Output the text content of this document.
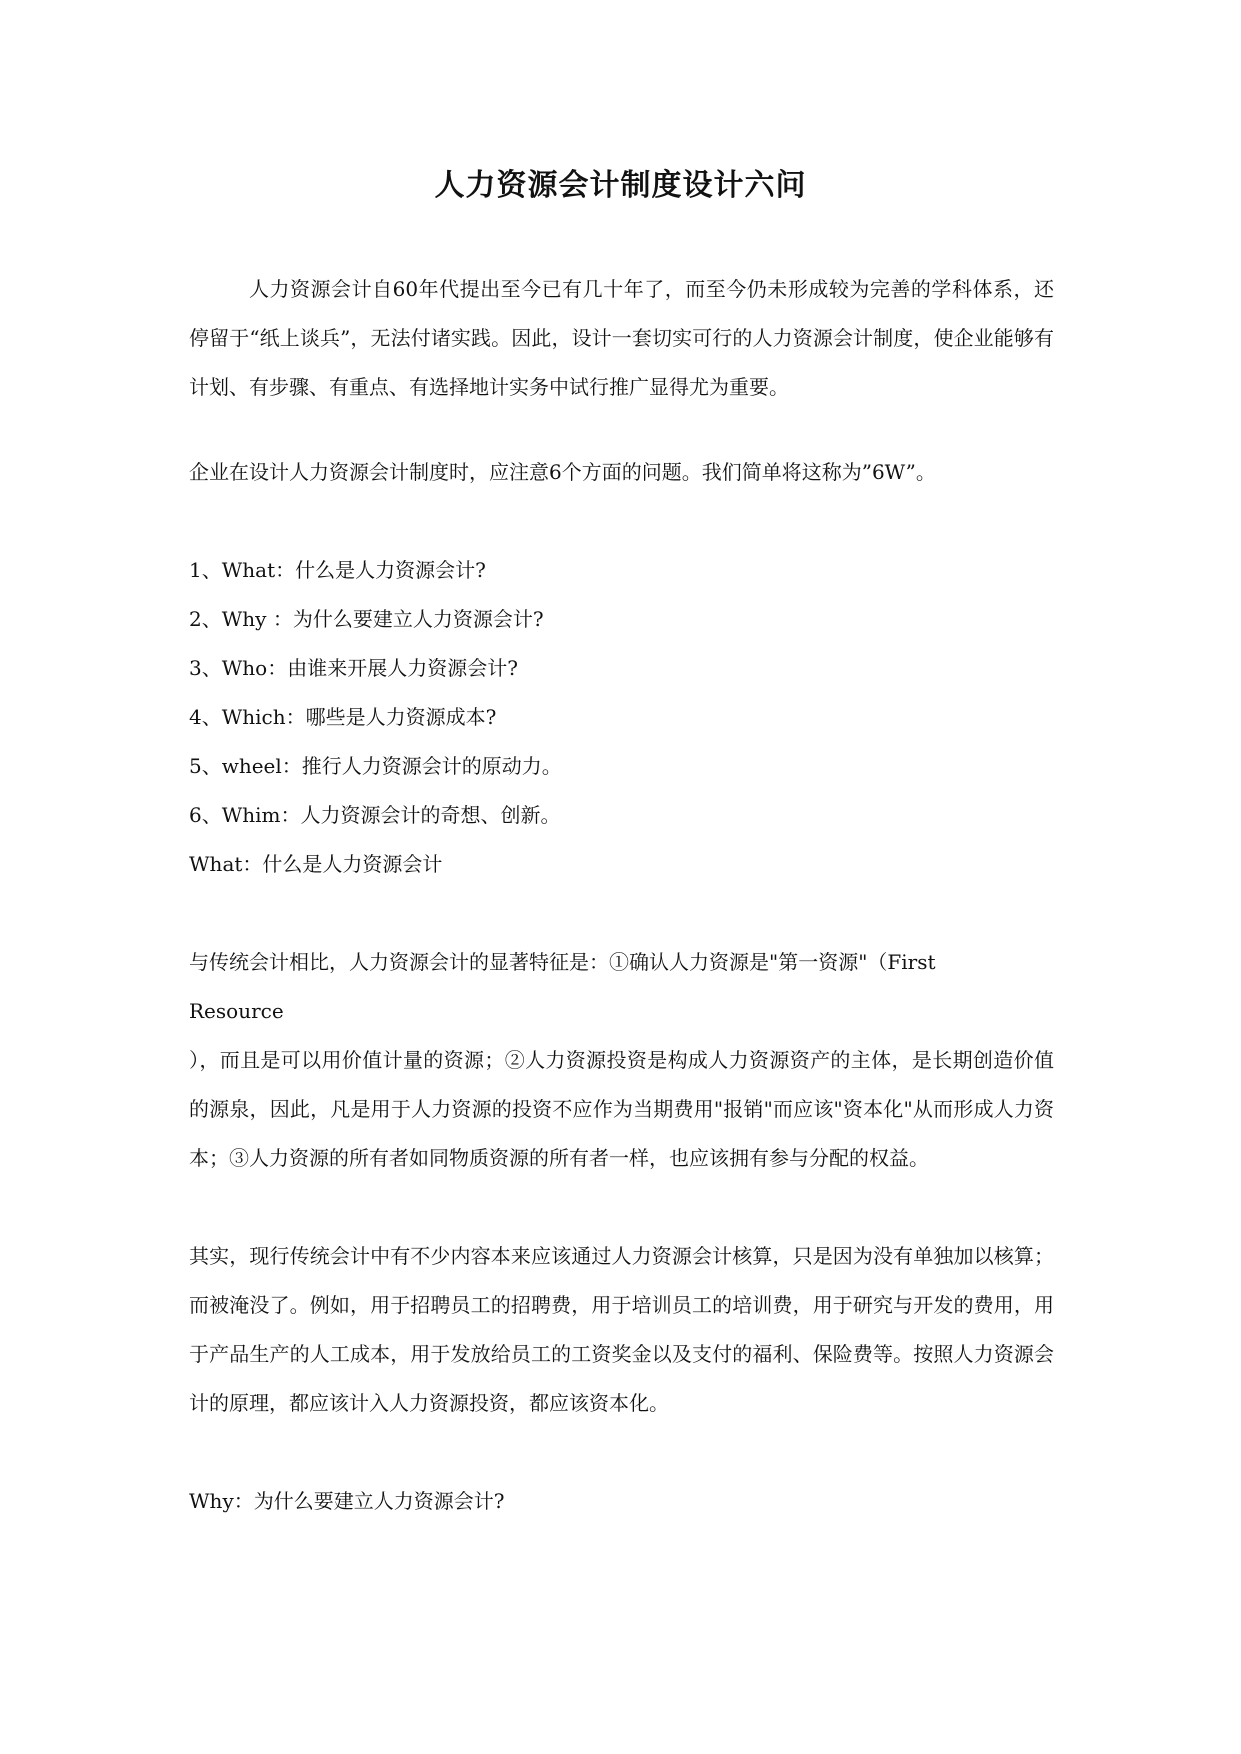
人力资源会计制度设计六问

人力资源会计自60年代提出至今已有几十年了，而至今仍未形成较为完善的学科体系，还停留于“纸上谈兵”，无法付诸实践。因此，设计一套切实可行的人力资源会计制度，使企业能够有计划、有步骤、有重点、有选择地计实务中试行推广显得尤为重要。

企业在设计人力资源会计制度时，应注意6个方面的问题。我们简单将这称为”6W”。

1、What：什么是人力资源会计?

2、Why ：为什么要建立人力资源会计?

3、Who：由谁来开展人力资源会计?

4、Which：哪些是人力资源成本?

5、wheel：推行人力资源会计的原动力。

6、Whim：人力资源会计的奇想、创新。

What：什么是人力资源会计

与传统会计相比，人力资源会计的显著特征是：①确认人力资源是"第一资源"（First

Resource

），而且是可以用价值计量的资源；②人力资源投资是构成人力资源资产的主体，是长期创造价值的源泉，因此，凡是用于人力资源的投资不应作为当期费用"报销"而应该"资本化"从而形成人力资本；③人力资源的所有者如同物质资源的所有者一样，也应该拥有参与分配的权益。

其实，现行传统会计中有不少内容本来应该通过人力资源会计核算，只是因为没有单独加以核算；而被淹没了。例如，用于招聘员工的招聘费，用于培训员工的培训费，用于研究与开发的费用，用于产品生产的人工成本，用于发放给员工的工资奖金以及支付的福利、保险费等。按照人力资源会计的原理，都应该计入人力资源投资，都应该资本化。

Why：为什么要建立人力资源会计?
